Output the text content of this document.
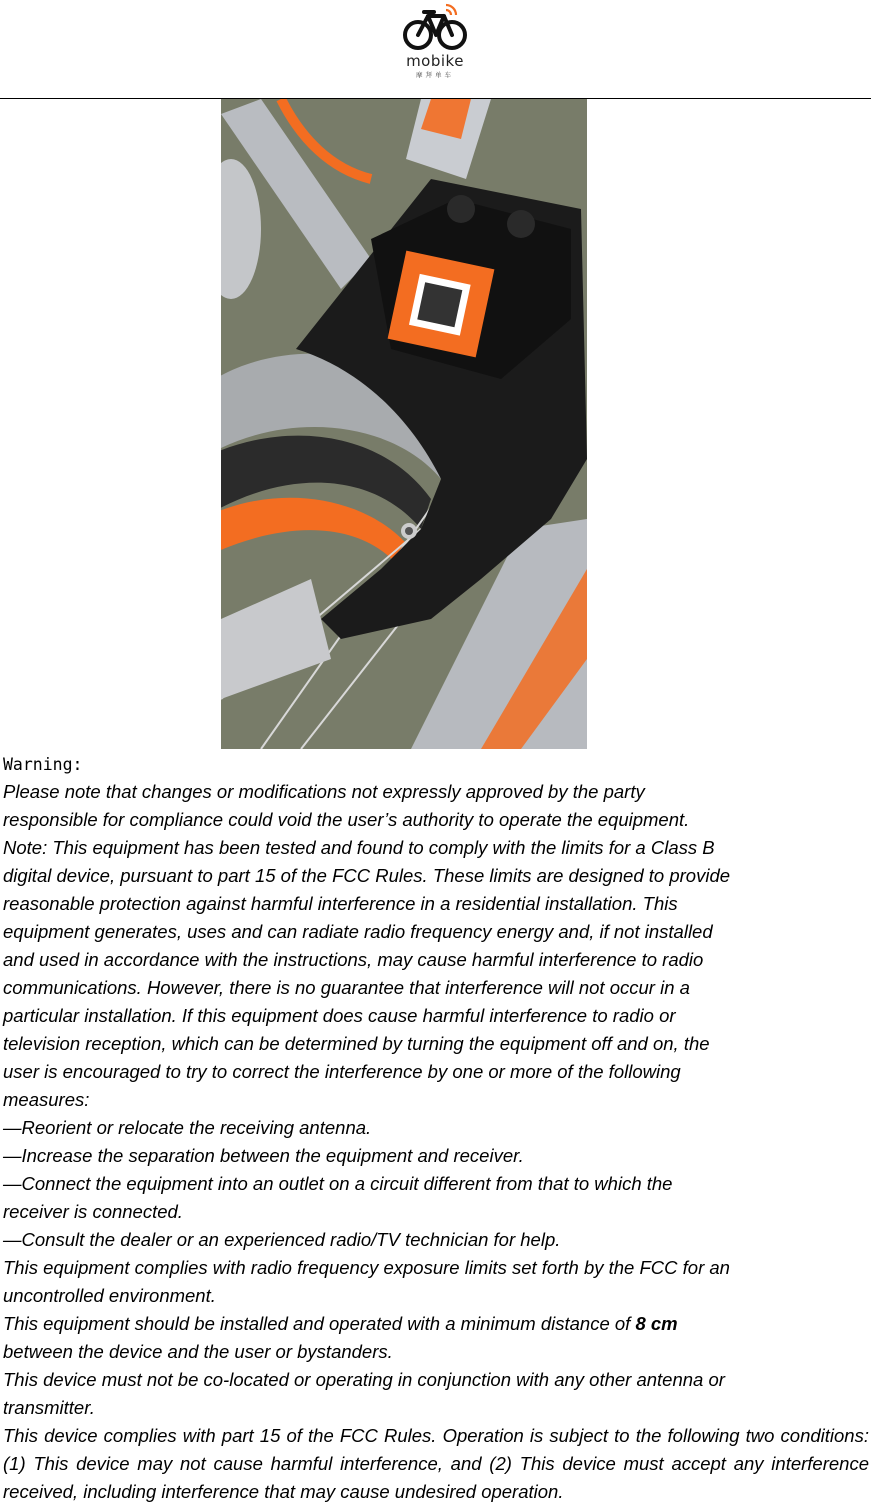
mobike
摩拜单车
Warning:
Please note that changes or modifications not expressly approved by the party
responsible for compliance could void the user’s authority to operate the equipment.
Note: This equipment has been tested and found to comply with the limits for a Class B
digital device, pursuant to part 15 of the FCC Rules. These limits are designed to provide
reasonable protection against harmful interference in a residential installation. This
equipment generates, uses and can radiate radio frequency energy and, if not installed
and used in accordance with the instructions, may cause harmful interference to radio
communications. However, there is no guarantee that interference will not occur in a
particular installation. If this equipment does cause harmful interference to radio or
television reception, which can be determined by turning the equipment off and on, the
user is encouraged to try to correct the interference by one or more of the following
measures:
—Reorient or relocate the receiving antenna.
—Increase the separation between the equipment and receiver.
—Connect the equipment into an outlet on a circuit different from that to which the
receiver is connected.
—Consult the dealer or an experienced radio/TV technician for help.
This equipment complies with radio frequency exposure limits set forth by the FCC for an
uncontrolled environment.
This equipment should be installed and operated with a minimum distance of 8 cm
between the device and the user or bystanders.
This device must not be co-located or operating in conjunction with any other antenna or
transmitter.
This device complies with part 15 of the FCC Rules. Operation is subject to the following two conditions: (1) This device may not cause harmful interference, and (2) This device must accept any interference received, including interference that may cause undesired operation.
